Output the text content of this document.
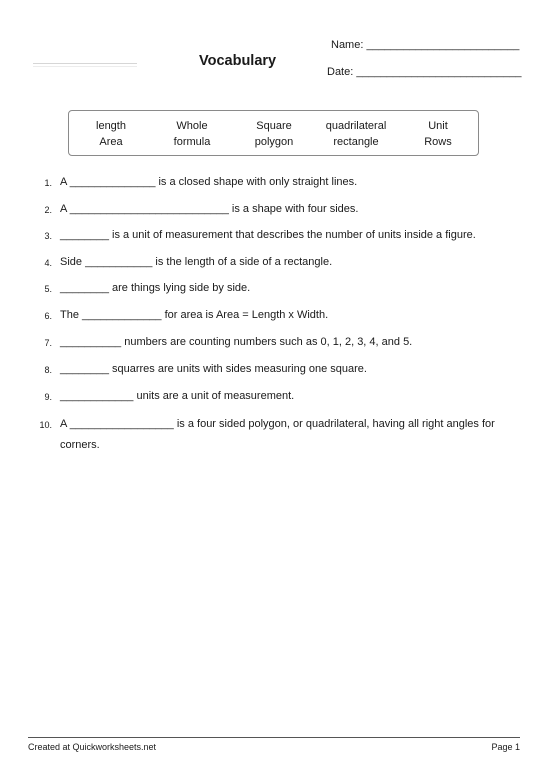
Vocabulary
Name: _________________________
Date: ___________________________
length	Whole	Square	quadrilateral	Unit
Area	formula	polygon	rectangle	Rows
1. A ______________ is a closed shape with only straight lines.
2. A __________________________ is a shape with four sides.
3. ________ is a unit of measurement that describes the number of units inside a figure.
4. Side ___________ is the length of a side of a rectangle.
5. ________ are things lying side by side.
6. The _____________ for area is Area = Length x Width.
7. __________ numbers are counting numbers such as 0, 1, 2, 3, 4, and 5.
8. ________ squarres are units with sides measuring one square.
9. ____________ units are a unit of measurement.
10. A _________________ is a four sided polygon, or quadrilateral, having all right angles for
corners.
Created at Quickworksheets.net	Page 1
